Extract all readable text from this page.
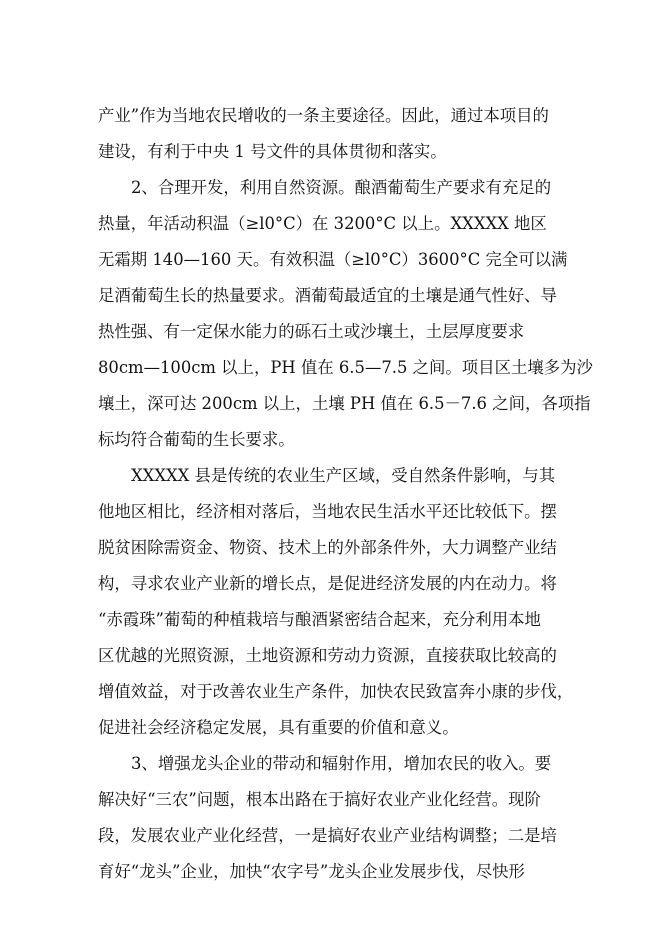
产业”作为当地农民增收的一条主要途径。因此，通过本项目的
建设，有利于中央 1 号文件的具体贯彻和落实。
2、合理开发，利用自然资源。酿酒葡萄生产要求有充足的
热量，年活动积温（≥l0°C）在 3200°C 以上。XXXXX 地区
无霜期 140—160 天。有效积温（≥l0°C）3600°C 完全可以满
足酒葡萄生长的热量要求。酒葡萄最适宜的土壤是通气性好、导
热性强、有一定保水能力的砾石土或沙壤土，土层厚度要求
80cm—100cm 以上，PH 值在 6.5—7.5 之间。项目区土壤多为沙
壤土，深可达 200cm 以上，土壤 PH 值在 6.5－7.6 之间，各项指
标均符合葡萄的生长要求。
XXXXX 县是传统的农业生产区域，受自然条件影响，与其
他地区相比，经济相对落后，当地农民生活水平还比较低下。摆
脱贫困除需资金、物资、技术上的外部条件外，大力调整产业结
构，寻求农业产业新的增长点，是促进经济发展的内在动力。将
“赤霞珠”葡萄的种植栽培与酿酒紧密结合起来，充分利用本地
区优越的光照资源，土地资源和劳动力资源，直接获取比较高的
增值效益，对于改善农业生产条件，加快农民致富奔小康的步伐，
促进社会经济稳定发展，具有重要的价值和意义。
3、增强龙头企业的带动和辐射作用，增加农民的收入。要
解决好“三农”问题，根本出路在于搞好农业产业化经营。现阶
段，发展农业产业化经营，一是搞好农业产业结构调整；二是培
育好“龙头”企业，加快“农字号”龙头企业发展步伐，尽快形
